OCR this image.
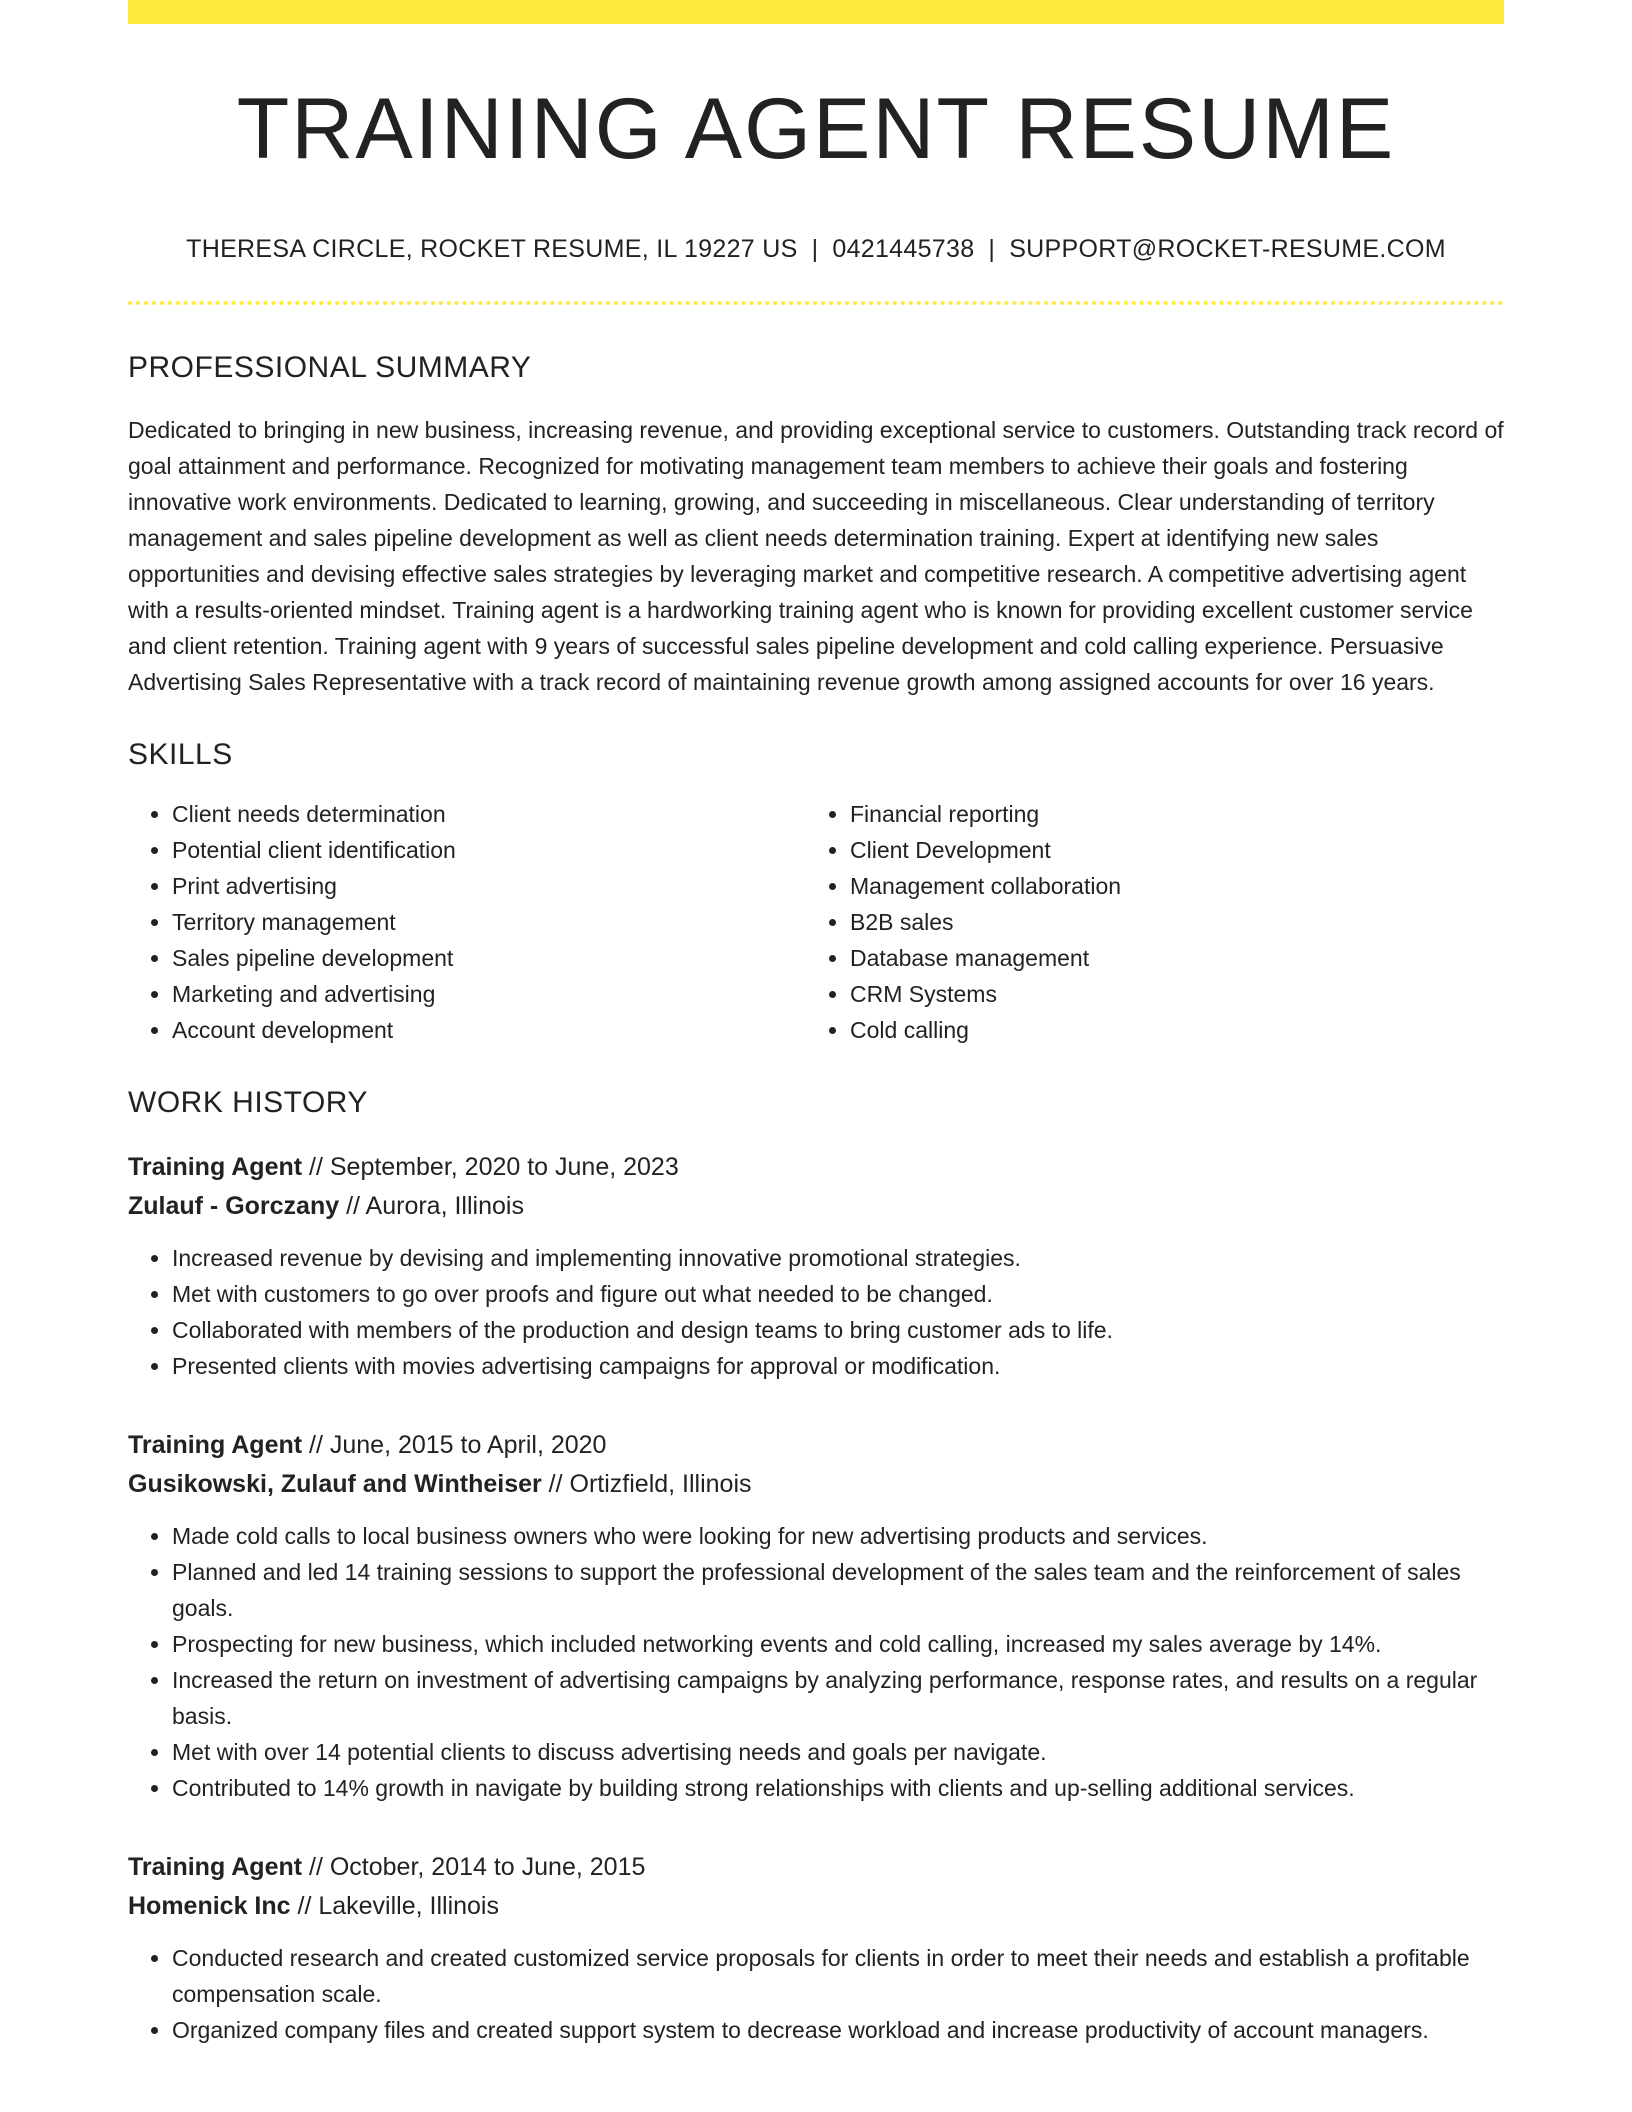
TRAINING AGENT RESUME
THERESA CIRCLE, ROCKET RESUME, IL 19227 US | 0421445738 | SUPPORT@ROCKET-RESUME.COM
PROFESSIONAL SUMMARY

Dedicated to bringing in new business, increasing revenue, and providing exceptional service to customers. Outstanding track record of goal attainment and performance. Recognized for motivating management team members to achieve their goals and fostering innovative work environments. Dedicated to learning, growing, and succeeding in miscellaneous. Clear understanding of territory management and sales pipeline development as well as client needs determination training. Expert at identifying new sales opportunities and devising effective sales strategies by leveraging market and competitive research. A competitive advertising agent with a results-oriented mindset. Training agent is a hardworking training agent who is known for providing excellent customer service and client retention. Training agent with 9 years of successful sales pipeline development and cold calling experience. Persuasive Advertising Sales Representative with a track record of maintaining revenue growth among assigned accounts for over 16 years.

SKILLS
• Client needs determination
• Potential client identification
• Print advertising
• Territory management
• Sales pipeline development
• Marketing and advertising
• Account development
• Financial reporting
• Client Development
• Management collaboration
• B2B sales
• Database management
• CRM Systems
• Cold calling
WORK HISTORY
Training Agent // September, 2020 to June, 2023
Zulauf - Gorczany // Aurora, Illinois
• Increased revenue by devising and implementing innovative promotional strategies.
• Met with customers to go over proofs and figure out what needed to be changed.
• Collaborated with members of the production and design teams to bring customer ads to life.
• Presented clients with movies advertising campaigns for approval or modification.
Training Agent // June, 2015 to April, 2020
Gusikowski, Zulauf and Wintheiser // Ortizfield, Illinois
• Made cold calls to local business owners who were looking for new advertising products and services.
• Planned and led 14 training sessions to support the professional development of the sales team and the reinforcement of sales goals.
• Prospecting for new business, which included networking events and cold calling, increased my sales average by 14%.
• Increased the return on investment of advertising campaigns by analyzing performance, response rates, and results on a regular basis.
• Met with over 14 potential clients to discuss advertising needs and goals per navigate.
• Contributed to 14% growth in navigate by building strong relationships with clients and up-selling additional services.
Training Agent // October, 2014 to June, 2015
Homenick Inc // Lakeville, Illinois
• Conducted research and created customized service proposals for clients in order to meet their needs and establish a profitable compensation scale.
• Organized company files and created support system to decrease workload and increase productivity of account managers.
